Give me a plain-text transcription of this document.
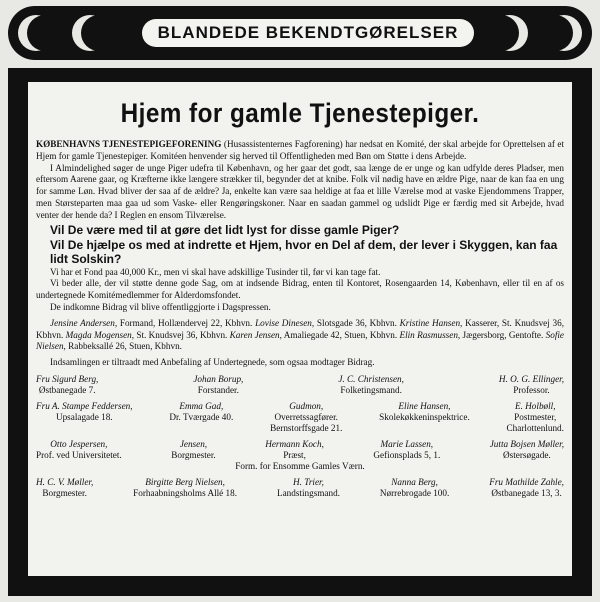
BLANDEDE BEKENDTGØRELSER
Hjem for gamle Tjenestepiger.

KØBENHAVNS TJENESTEPIGEFORENING (Husassistenternes Fagforening) har nedsat en Komité, der skal arbejde for Oprettelsen af et Hjem for gamle Tjenestepiger. Komitéen henvender sig herved til Offentligheden med Bøn om Støtte i dens Arbejde.

I Almindelighed søger de unge Piger udefra til København, og her gaar det godt, saa længe de er unge og kan udfylde deres Pladser, men eftersom Aarene gaar, og Kræfterne ikke længere strækker til, begynder det at knibe. Folk vil nødig have en ældre Pige, naar de kan faa en ung for samme Løn. Hvad bliver der saa af de ældre? Ja, enkelte kan være saa heldige at faa et lille Værelse mod at vaske Ejendommens Trapper, men Størsteparten maa gaa ud som Vaske- eller Rengøringskoner. Naar en saadan gammel og udslidt Pige er færdig med sit Arbejde, hvad venter der hende da? I Reglen en ensom Tilværelse.

Vil De være med til at gøre det lidt lyst for disse gamle Piger?
Vil De hjælpe os med at indrette et Hjem, hvor en Del af dem, der lever i Skyggen, kan faa lidt Solskin?

Vi har et Fond paa 40,000 Kr., men vi skal have adskillige Tusinder til, før vi kan tage fat.

Vi beder alle, der vil støtte denne gode Sag, om at indsende Bidrag, enten til Kontoret, Rosengaarden 14, København, eller til en af os undertegnede Komitémedlemmer for Alderdomsfondet.

De indkomne Bidrag vil blive offentliggjorte i Dagspressen.

Jensine Andersen, Formand, Hollændervej 22, Kbhvn. Lovise Dinesen, Slotsgade 36, Kbhvn. Kristine Hansen, Kasserer, St. Knudsvej 36, Kbhvn. Magda Mogensen, St. Knudsvej 36, Kbhvn. Karen Jensen, Amaliegade 42, Stuen, Kbhvn. Elin Rasmussen, Jægersborg, Gentofte. Sofie Nielsen, Rabbeksallé 26, Stuen, Kbhvn.

Indsamlingen er tiltraadt med Anbefaling af Undertegnede, som ogsaa modtager Bidrag.

Fru Sigurd Berg,
Østbanegade 7.
Johan Borup,
Forstander.
J. C. Christensen,
Folketingsmand.
H. O. G. Ellinger,
Professor.
Fru A. Stampe Feddersen,
Upsalagade 18.
Emma Gad,
Dr. Tværgade 40.
Gudmon,
Overretssagfører.
Bernstorffsgade 21.
Eline Hansen,
Skolekøkkeninspektrice.
E. Holbøll,
Postmester,
Charlottenlund.
Otto Jespersen,
Prof. ved Universitetet.
Jensen,
Borgmester.
Hermann Koch,
Præst,
Marie Lassen,
Gefionsplads 5, 1.
Jutta Bojsen Møller,
Østersøgade.
Form. for Ensomme Gamles Værn.
H. C. V. Møller,
Borgmester.
Birgitte Berg Nielsen,
Forhaabningsholms Allé 18.
H. Trier,
Landstingsmand.
Nanna Berg,
Nørrebrogade 100.
Fru Mathilde Zahle,
Østbanegade 13, 3.
